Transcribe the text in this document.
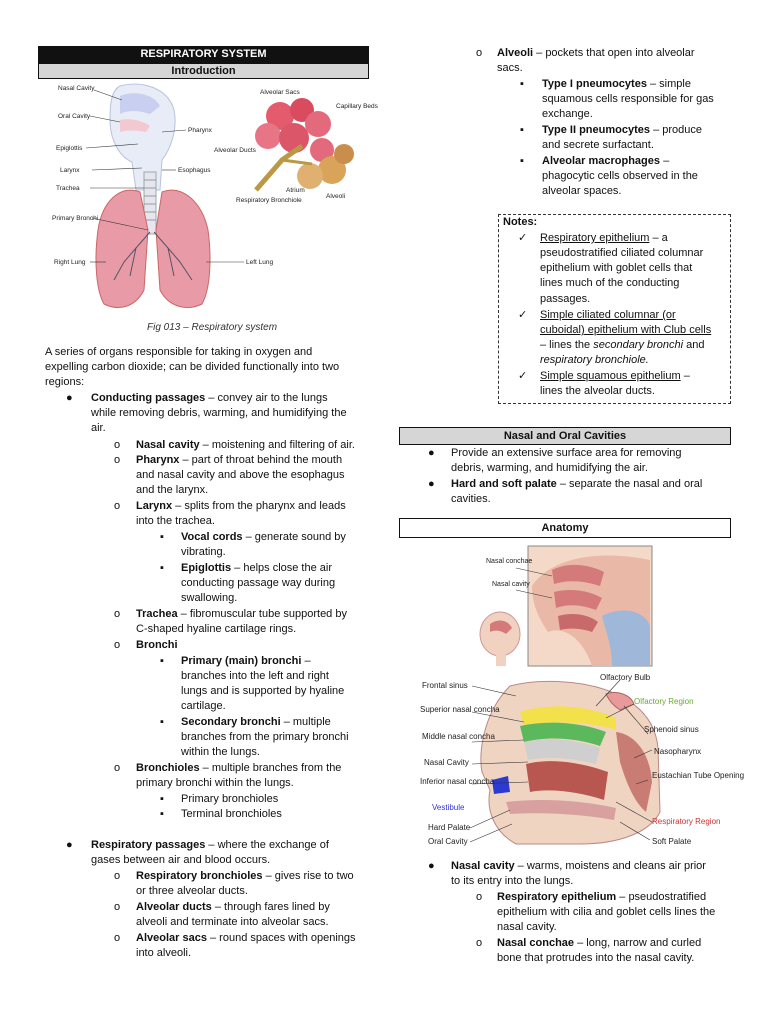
RESPIRATORY SYSTEM
Introduction
Nasal Cavity
Oral Cavity
Pharynx
Epiglottis
Larynx	Esophagus
Trachea
Primary Bronchi
Right Lung	Left Lung
Alveolar Sacs
Capillary Beds
Alveolar Ducts
Respiratory Bronchiole
Atrium
Alveoli
Fig 013 – Respiratory system
A series of organs responsible for taking in oxygen and
expelling carbon dioxide; can be divided functionally into two
regions:
● Conducting passages – convey air to the lungs
while removing debris, warming, and humidifying the
air.
o Nasal cavity – moistening and filtering of air.
o Pharynx – part of throat behind the mouth
and nasal cavity and above the esophagus
and the larynx.
o Larynx – splits from the pharynx and leads
into the trachea.
▪ Vocal cords – generate sound by
vibrating.
▪ Epiglottis – helps close the air
conducting passage way during
swallowing.
o Trachea – fibromuscular tube supported by
C-shaped hyaline cartilage rings.
o Bronchi
▪ Primary (main) bronchi –
branches into the left and right
lungs and is supported by hyaline
cartilage.
▪ Secondary bronchi – multiple
branches from the primary bronchi
within the lungs.
o Bronchioles – multiple branches from the
primary bronchi within the lungs.
▪ Primary bronchioles
▪ Terminal bronchioles
● Respiratory passages – where the exchange of
gases between air and blood occurs.
o Respiratory bronchioles – gives rise to two
or three alveolar ducts.
o Alveolar ducts – through fares lined by
alveoli and terminate into alveolar sacs.
o Alveolar sacs – round spaces with openings
into alveoli.
o Alveoli – pockets that open into alveolar
sacs.
▪ Type I pneumocytes – simple
squamous cells responsible for gas
exchange.
▪ Type II pneumocytes – produce
and secrete surfactant.
▪ Alveolar macrophages –
phagocytic cells observed in the
alveolar spaces.
Notes:
✓ Respiratory epithelium – a
pseudostratified ciliated columnar
epithelium with goblet cells that
lines much of the conducting
passages.
✓ Simple ciliated columnar (or
cuboidal) epithelium with Club cells
– lines the secondary bronchi and
respiratory bronchiole.
✓ Simple squamous epithelium –
lines the alveolar ducts.
Nasal and Oral Cavities
● Provide an extensive surface area for removing
debris, warming, and humidifying the air.
● Hard and soft palate – separate the nasal and oral
cavities.
Anatomy
Nasal conchae
Nasal cavity
Frontal sinus
Superior nasal concha
Middle nasal concha
Nasal Cavity
Inferior nasal concha
Vestibule
Hard Palate
Oral Cavity
Olfactory Bulb
Olfactory Region
Sphenoid sinus
Nasopharynx
Eustachian Tube Opening
Respiratory Region
Soft Palate
● Nasal cavity – warms, moistens and cleans air prior
to its entry into the lungs.
o Respiratory epithelium – pseudostratified
epithelium with cilia and goblet cells lines the
nasal cavity.
o Nasal conchae – long, narrow and curled
bone that protrudes into the nasal cavity.
